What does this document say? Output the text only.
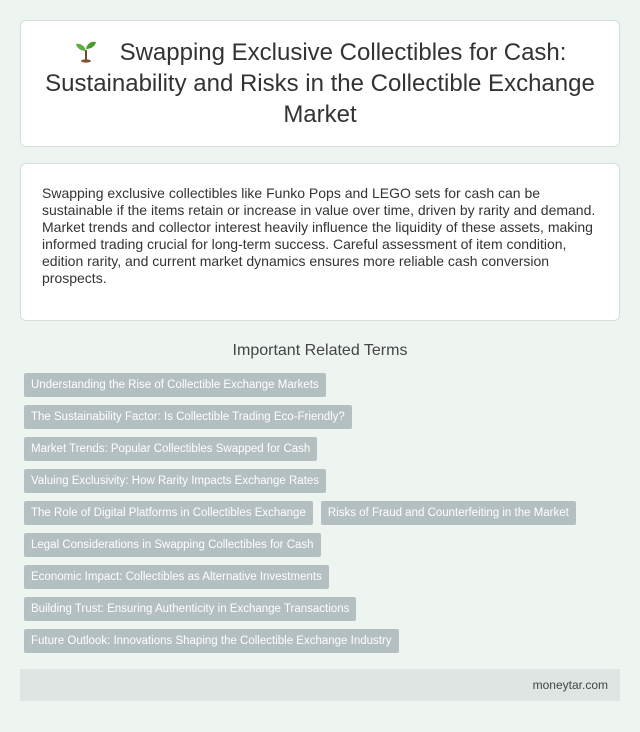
Swapping Exclusive Collectibles for Cash: Sustainability and Risks in the Collectible Exchange Market

Swapping exclusive collectibles like Funko Pops and LEGO sets for cash can be sustainable if the items retain or increase in value over time, driven by rarity and demand. Market trends and collector interest heavily influence the liquidity of these assets, making informed trading crucial for long-term success. Careful assessment of item condition, edition rarity, and current market dynamics ensures more reliable cash conversion prospects.

Important Related Terms
Understanding the Rise of Collectible Exchange Markets
The Sustainability Factor: Is Collectible Trading Eco-Friendly?
Market Trends: Popular Collectibles Swapped for Cash
Valuing Exclusivity: How Rarity Impacts Exchange Rates
The Role of Digital Platforms in Collectibles Exchange	Risks of Fraud and Counterfeiting in the Market
Legal Considerations in Swapping Collectibles for Cash
Economic Impact: Collectibles as Alternative Investments
Building Trust: Ensuring Authenticity in Exchange Transactions
Future Outlook: Innovations Shaping the Collectible Exchange Industry
moneytar.com
